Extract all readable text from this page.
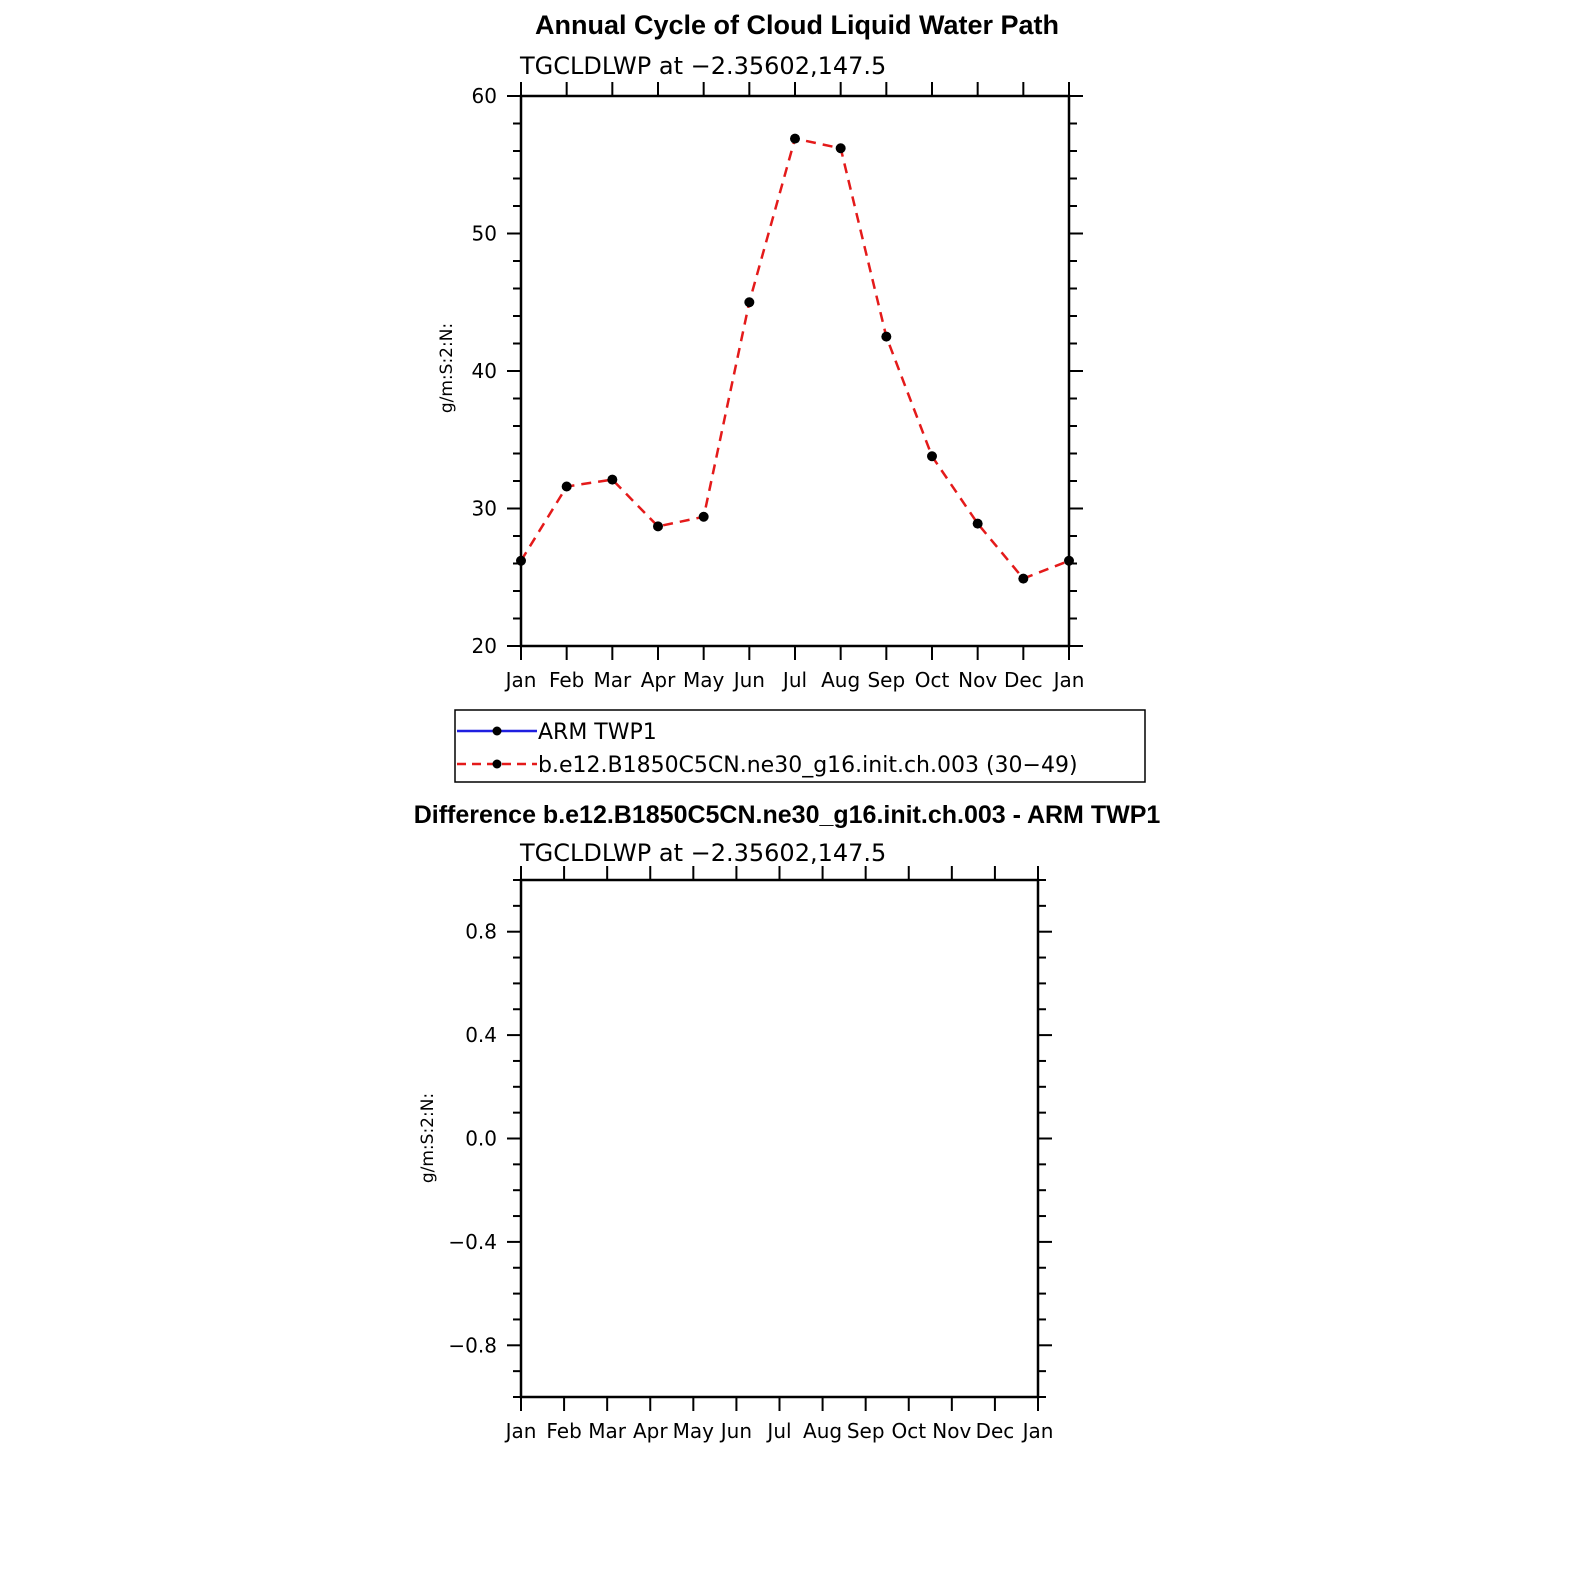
Annual Cycle of Cloud Liquid Water Path
TGCLDLWP at −2.35602,147.5
g/m:S:2:N:
Jan Feb Mar Apr May Jun Jul Aug Sep Oct Nov Dec Jan
20
30
40
50
60
ARM TWP1
b.e12.B1850C5CN.ne30_g16.init.ch.003 (30−49)
Difference b.e12.B1850C5CN.ne30_g16.init.ch.003 - ARM TWP1
TGCLDLWP at −2.35602,147.5
g/m:S:2:N:
Jan Feb Mar Apr May Jun Jul Aug Sep Oct Nov Dec Jan
0.8
0.4
0.0
−0.4
−0.8
